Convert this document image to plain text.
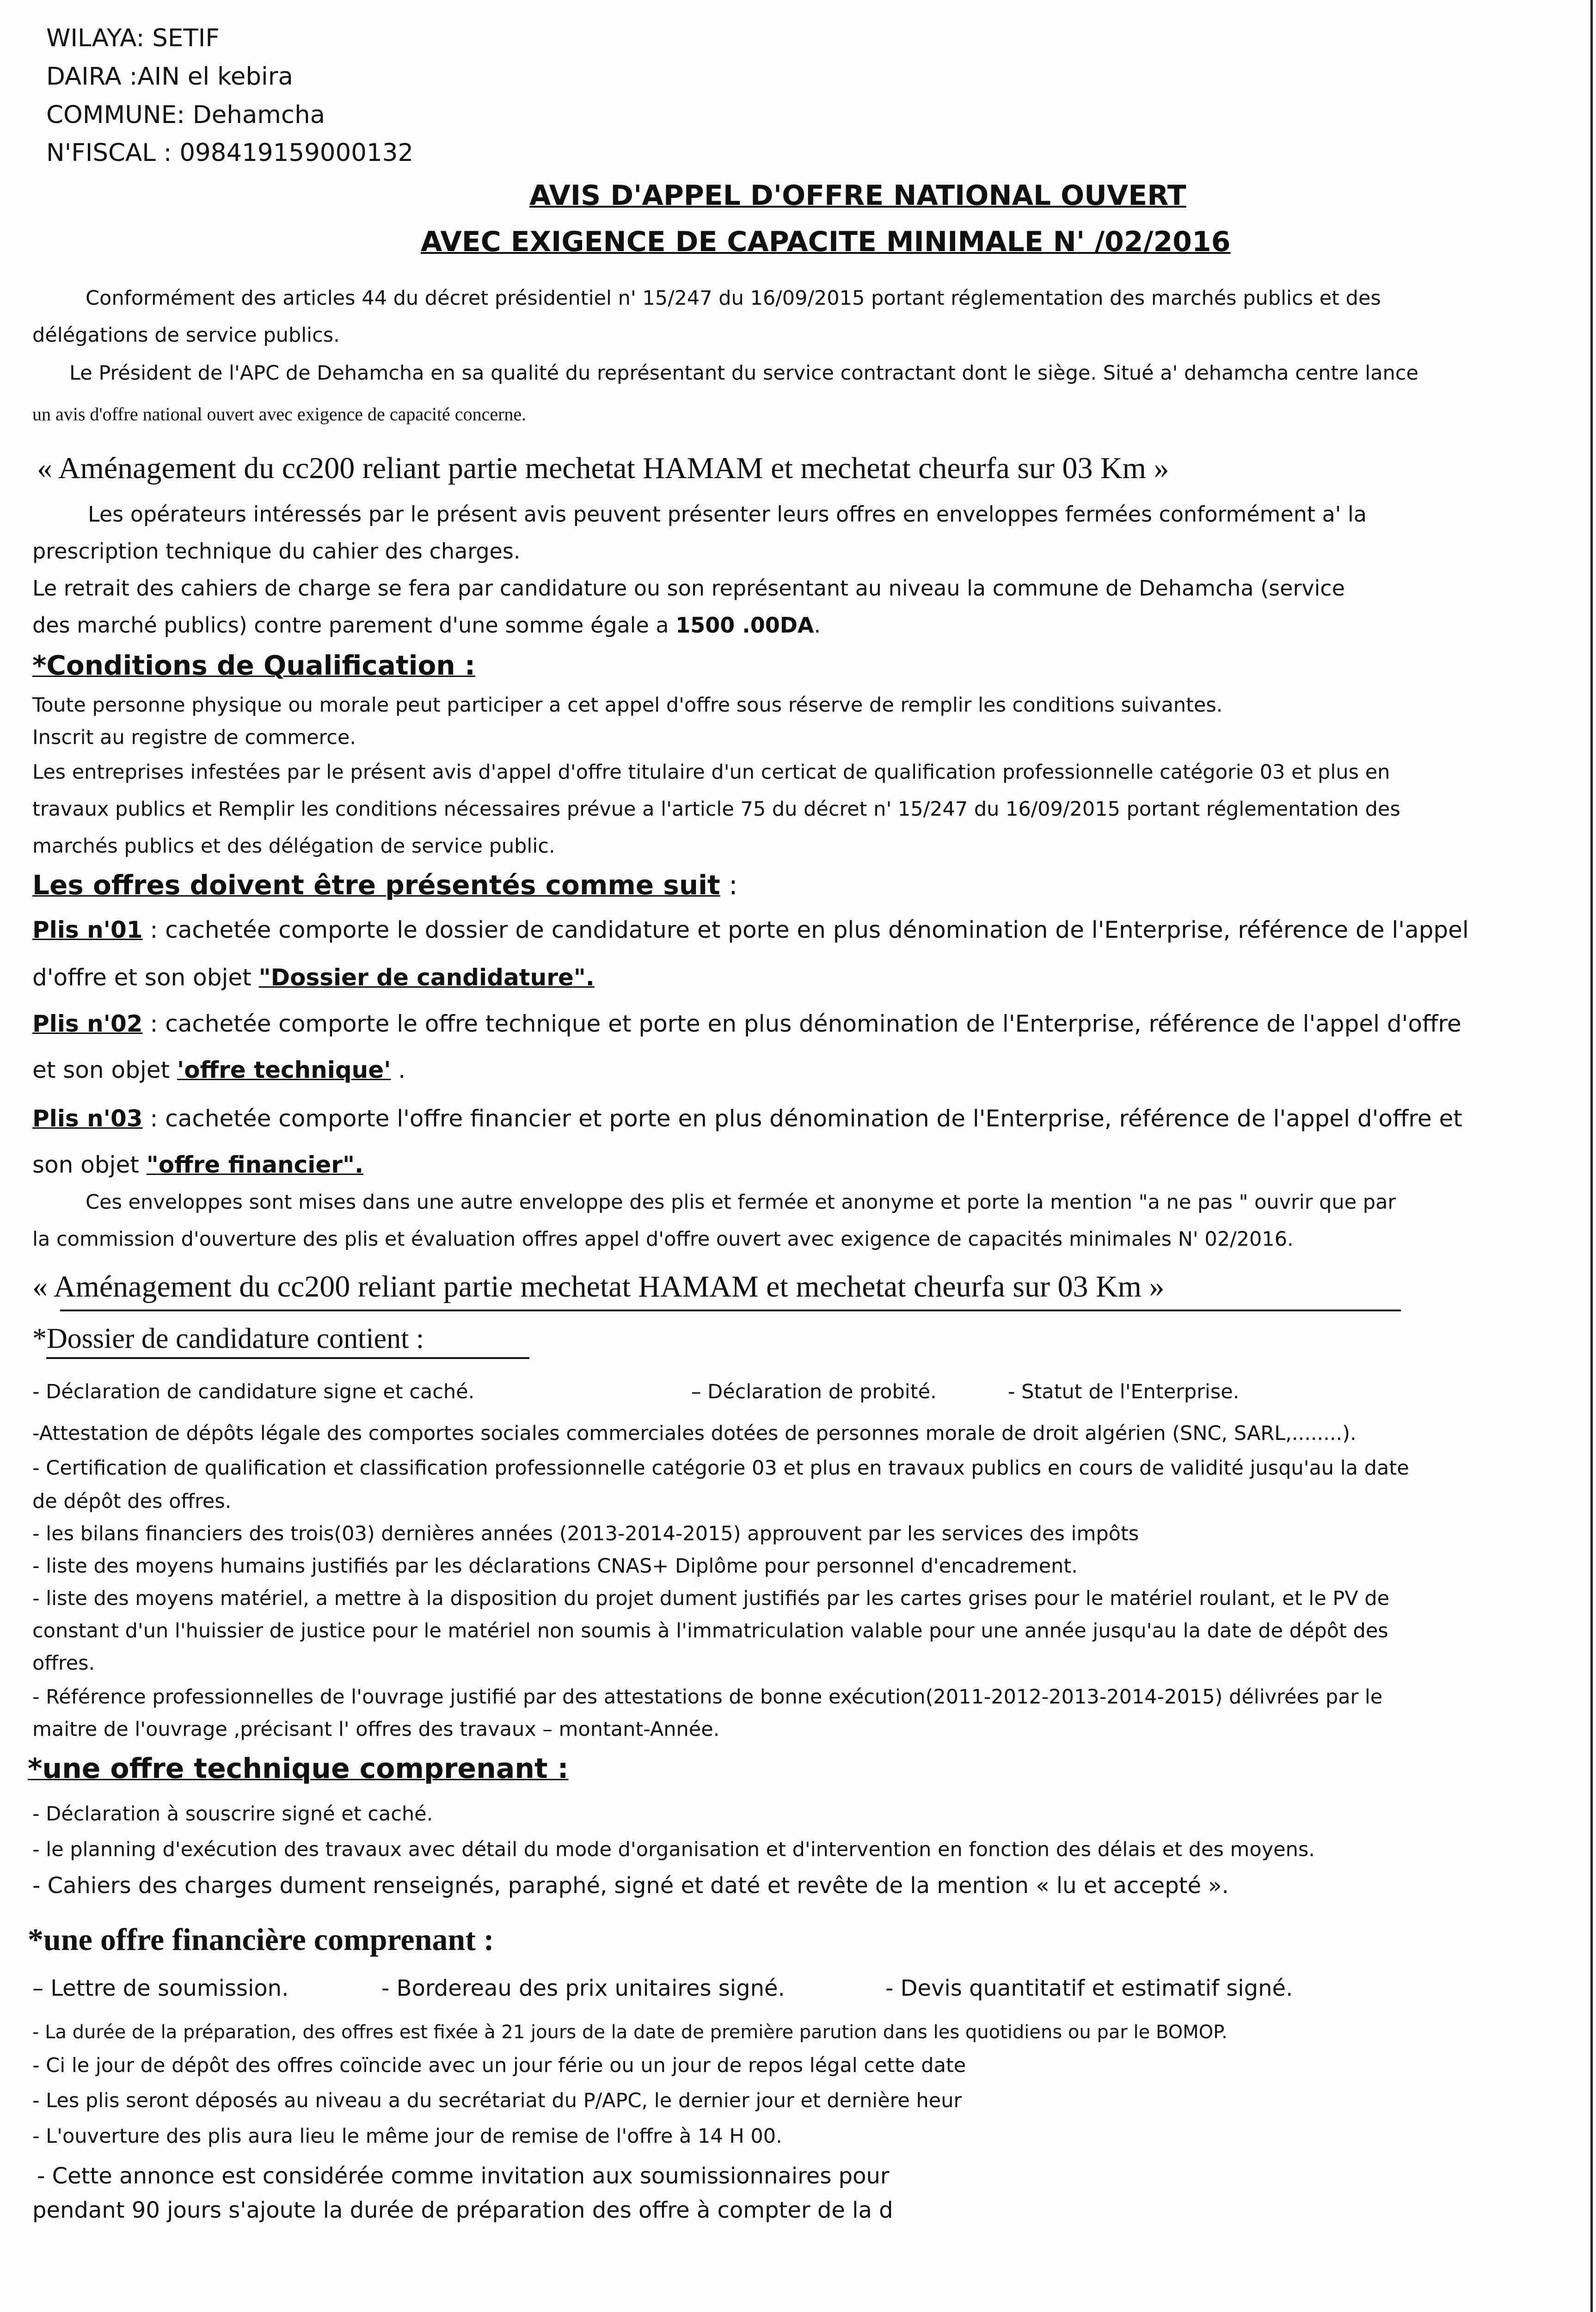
WILAYA: SETIF
DAIRA :AIN el kebira
COMMUNE: Dehamcha
N'FISCAL : 098419159000132
AVIS D'APPEL D'OFFRE NATIONAL OUVERT
AVEC EXIGENCE DE CAPACITE MINIMALE N' /02/2016
Conformément des articles 44 du décret présidentiel n' 15/247 du 16/09/2015 portant réglementation des marchés publics et des
délégations de service publics.
Le Président de l'APC de Dehamcha en sa qualité du représentant du service contractant dont le siège. Situé a' dehamcha centre lance
un avis d'offre national ouvert avec exigence de capacité concerne.
« Aménagement du cc200 reliant partie mechetat HAMAM et mechetat cheurfa sur 03 Km »
Les opérateurs intéressés par le présent avis peuvent présenter leurs offres en enveloppes fermées conformément a' la
prescription technique du cahier des charges.
Le retrait des cahiers de charge se fera par candidature ou son représentant au niveau la commune de Dehamcha (service
des marché publics) contre parement d'une somme égale a 1500 .00DA.
*Conditions de Qualification :
Toute personne physique ou morale peut participer a cet appel d'offre sous réserve de remplir les conditions suivantes.
Inscrit au registre de commerce.
Les entreprises infestées par le présent avis d'appel d'offre titulaire d'un certicat de qualification professionnelle catégorie 03 et plus en
travaux publics et Remplir les conditions nécessaires prévue a l'article 75 du décret n' 15/247 du 16/09/2015 portant réglementation des
marchés publics et des délégation de service public.
Les offres doivent être présentés comme suit :
Plis n'01 : cachetée comporte le dossier de candidature et porte en plus dénomination de l'Enterprise, référence de l'appel
d'offre et son objet "Dossier de candidature".
Plis n'02 : cachetée comporte le offre technique et porte en plus dénomination de l'Enterprise, référence de l'appel d'offre
et son objet 'offre technique' .
Plis n'03 : cachetée comporte l'offre financier et porte en plus dénomination de l'Enterprise, référence de l'appel d'offre et
son objet "offre financier".
Ces enveloppes sont mises dans une autre enveloppe des plis et fermée et anonyme et porte la mention "a ne pas " ouvrir que par
la commission d'ouverture des plis et évaluation offres appel d'offre ouvert avec exigence de capacités minimales N' 02/2016.
« Aménagement du cc200 reliant partie mechetat HAMAM et mechetat cheurfa sur 03 Km »
*Dossier de candidature contient :
- Déclaration de candidature signe et caché.	– Déclaration de probité.	- Statut de l'Enterprise.
-Attestation de dépôts légale des comportes sociales commerciales dotées de personnes morale de droit algérien (SNC, SARL,........).
- Certification de qualification et classification professionnelle catégorie 03 et plus en travaux publics en cours de validité jusqu'au la date
de dépôt des offres.
- les bilans financiers des trois(03) dernières années (2013-2014-2015) approuvent par les services des impôts
- liste des moyens humains justifiés par les déclarations CNAS+ Diplôme pour personnel d'encadrement.
- liste des moyens matériel, a mettre à la disposition du projet dument justifiés par les cartes grises pour le matériel roulant, et le PV de
constant d'un l'huissier de justice pour le matériel non soumis à l'immatriculation valable pour une année jusqu'au la date de dépôt des
offres.
- Référence professionnelles de l'ouvrage justifié par des attestations de bonne exécution(2011-2012-2013-2014-2015) délivrées par le
maitre de l'ouvrage ,précisant l' offres des travaux – montant-Année.
*une offre technique comprenant :
- Déclaration à souscrire signé et caché.
- le planning d'exécution des travaux avec détail du mode d'organisation et d'intervention en fonction des délais et des moyens.
- Cahiers des charges dument renseignés, paraphé, signé et daté et revête de la mention « lu et accepté ».
*une offre financière comprenant :
– Lettre de soumission.	- Bordereau des prix unitaires signé.	- Devis quantitatif et estimatif signé.
- La durée de la préparation, des offres est fixée à 21 jours de la date de première parution dans les quotidiens ou par le BOMOP.
- Ci le jour de dépôt des offres coïncide avec un jour férie ou un jour de repos légal cette date
- Les plis seront déposés au niveau a du secrétariat du P/APC, le dernier jour et dernière heur
- L'ouverture des plis aura lieu le même jour de remise de l'offre à 14 H 00.
- Cette annonce est considérée comme invitation aux soumissionnaires pour
pendant 90 jours s'ajoute la durée de préparation des offre à compter de la d
